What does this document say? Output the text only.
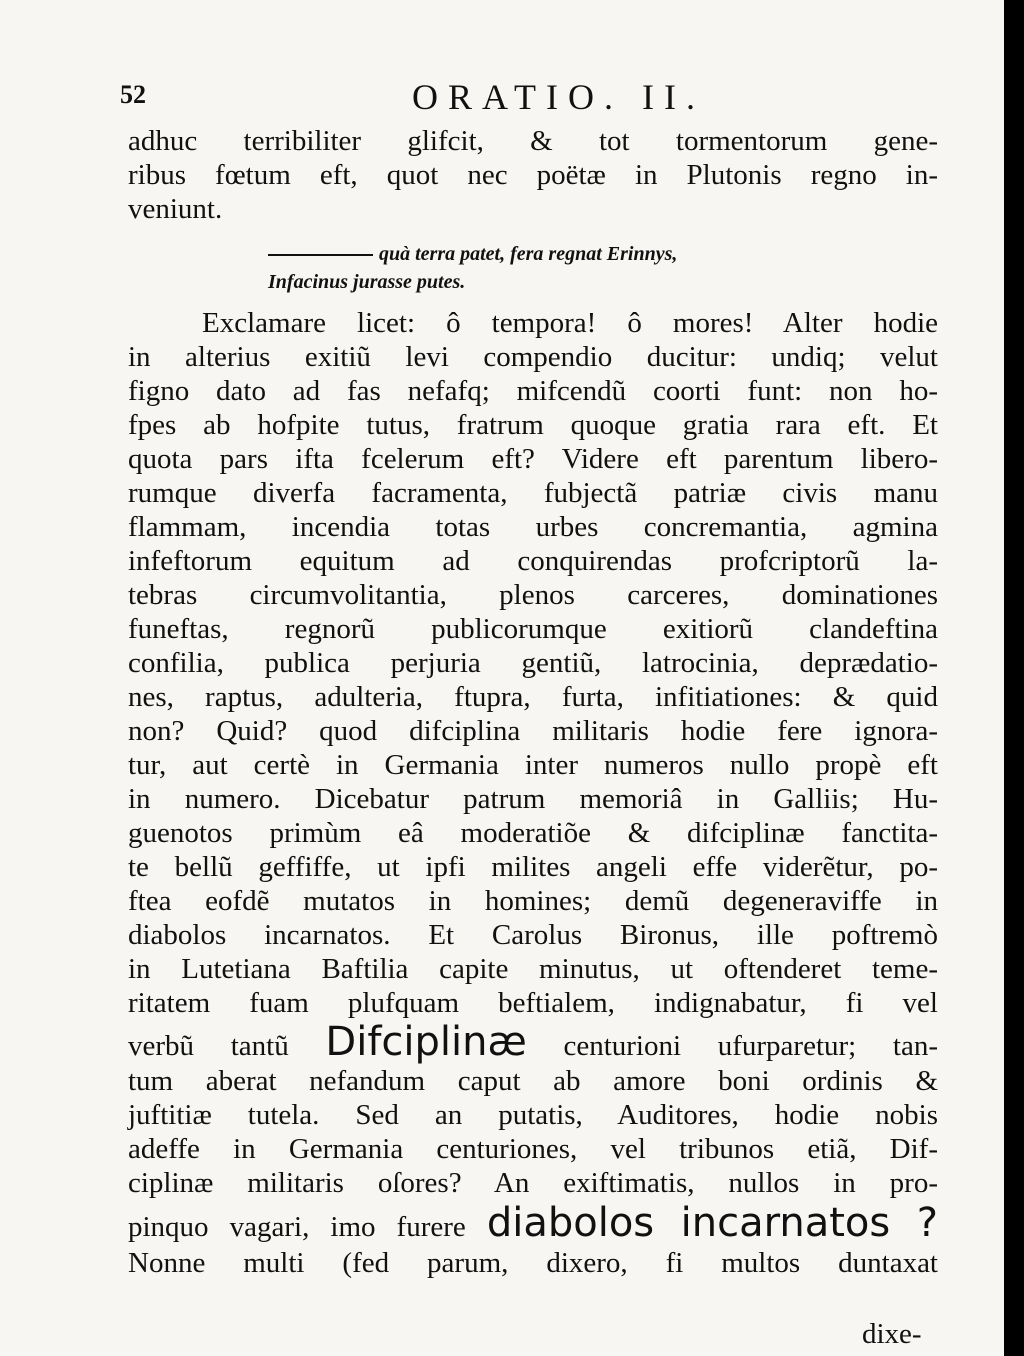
52	ORATIO. II.
adhuc terribiliter glifcit, & tot tormentorum gene-
ribus fœtum eft, quot nec poëtæ in Plutonis regno in-
veniunt.
quà terra patet, fera regnat Erinnys,
Infacinus jurasse putes.
Exclamare licet: ô tempora! ô mores! Alter hodie
in alterius exitiũ levi compendio ducitur: undiq; velut
figno dato ad fas nefafq; mifcendũ coorti funt: non ho-
fpes ab hofpite tutus, fratrum quoque gratia rara eft. Et
quota pars ifta fcelerum eft? Videre eft parentum libero-
rumque diverfa facramenta, fubjectã patriæ civis manu
flammam, incendia totas urbes concremantia, agmina
infeftorum equitum ad conquirendas profcriptorũ la-
tebras circumvolitantia, plenos carceres, dominationes
funeftas, regnorũ publicorumque exitiorũ clandeftina
confilia, publica perjuria gentiũ, latrocinia, deprædatio-
nes, raptus, adulteria, ftupra, furta, infitiationes: & quid
non? Quid? quod difciplina militaris hodie fere ignora-
tur, aut certè in Germania inter numeros nullo propè eft
in numero. Dicebatur patrum memoriâ in Galliis; Hu-
guenotos primùm eâ moderatiõe & difciplinæ fanctita-
te bellũ geffiffe, ut ipfi milites angeli effe viderẽtur, po-
ftea eofdẽ mutatos in homines; demũ degeneraviffe in
diabolos incarnatos. Et Carolus Bironus, ille poftremò
in Lutetiana Baftilia capite minutus, ut oftenderet teme-
ritatem fuam plufquam beftialem, indignabatur, fi vel
verbũ tantũ Difciplinæ centurioni ufurparetur; tan-
tum aberat nefandum caput ab amore boni ordinis &
juftitiæ tutela. Sed an putatis, Auditores, hodie nobis
adeffe in Germania centuriones, vel tribunos etiã, Dif-
ciplinæ militaris oſores? An exiftimatis, nullos in pro-
pinquo vagari, imo furere diabolos incarnatos ?
Nonne multi (fed parum, dixero, fi multos duntaxat
dixe-
